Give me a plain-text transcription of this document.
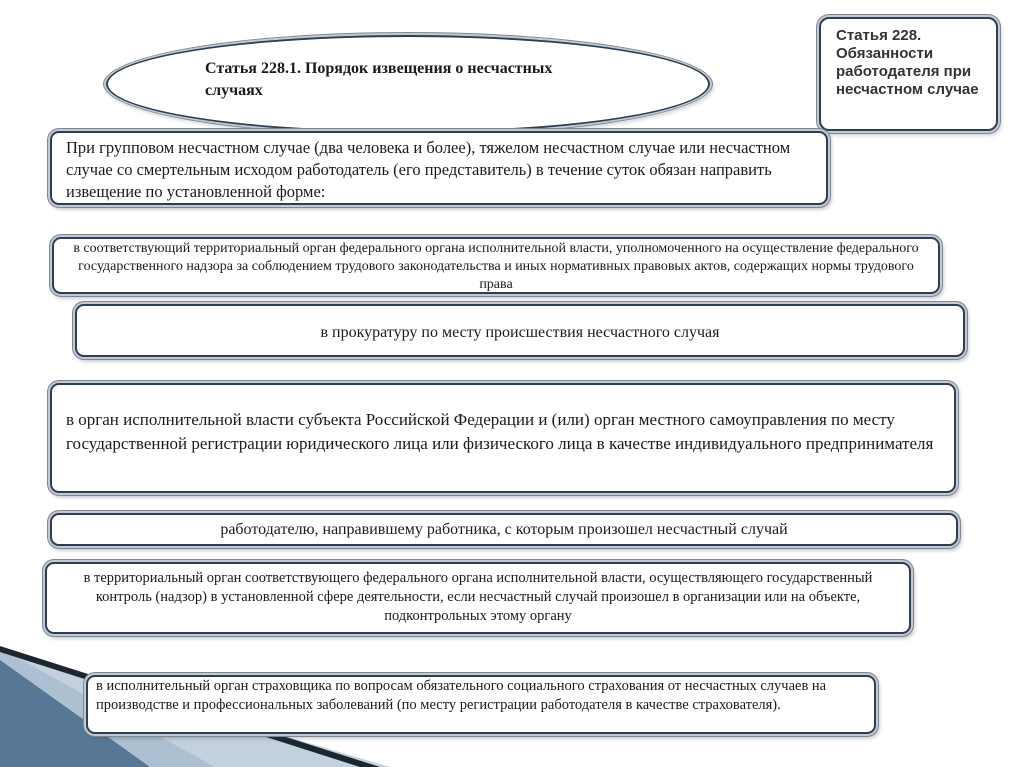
Статья 228.1. Порядок извещения о несчастных случаях
Статья 228. Обязанности работодателя при несчастном случае
При групповом несчастном случае (два человека и более), тяжелом несчастном случае или несчастном случае со смертельным исходом работодатель (его представитель) в течение суток обязан направить извещение по установленной форме:
в соответствующий территориальный орган федерального органа исполнительной власти, уполномоченного на осуществление федерального государственного надзора за соблюдением трудового законодательства и иных нормативных правовых актов, содержащих нормы трудового права
в прокуратуру по месту происшествия несчастного случая
в орган исполнительной власти субъекта Российской Федерации и (или) орган местного самоуправления по месту государственной регистрации юридического лица или физического лица в качестве индивидуального предпринимателя
работодателю, направившему работника, с которым произошел несчастный случай
в территориальный орган соответствующего федерального органа исполнительной власти, осуществляющего государственный контроль (надзор) в установленной сфере деятельности, если несчастный случай произошел в организации или на объекте, подконтрольных этому органу
в исполнительный орган страховщика по вопросам обязательного социального страхования от несчастных случаев на производстве и профессиональных заболеваний (по месту регистрации работодателя в качестве страхователя).
